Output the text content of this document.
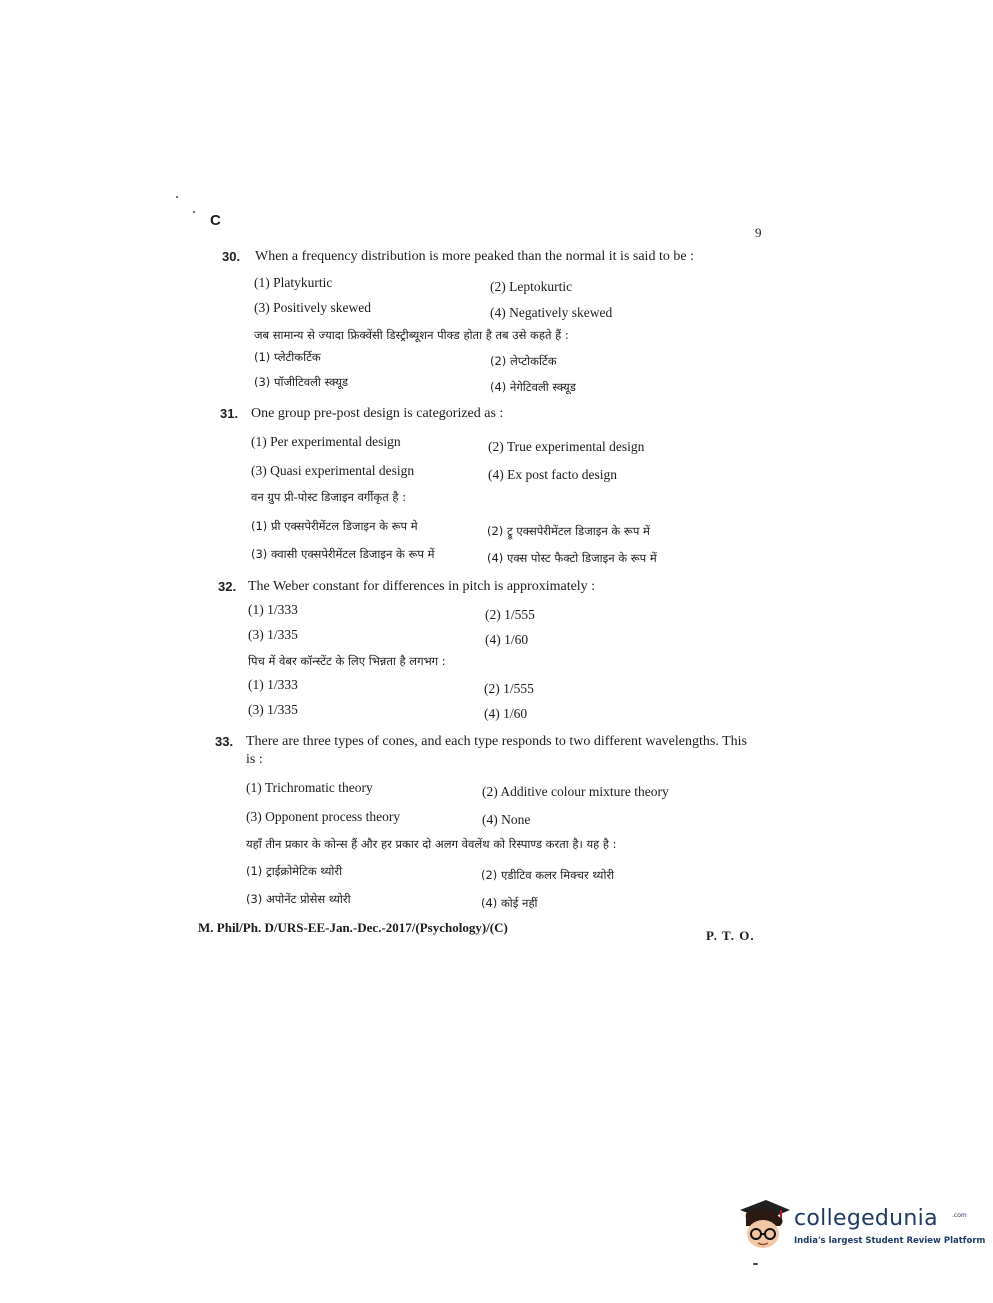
C
9
30. When a frequency distribution is more peaked than the normal it is said to be :
(1) Platykurtic	(2) Leptokurtic
(3) Positively skewed	(4) Negatively skewed
जब सामान्य से ज्यादा फ्रिक्वेंसी डिस्ट्रीब्यूशन पीक्ड होता है तब उसे कहते हैं :
(1) प्लेटीकर्टिक	(2) लेप्टोकर्टिक
(3) पॉजीटिवली स्क्यूड	(4) नेगेटिवली स्क्यूड
31. One group pre-post design is categorized as :
(1) Per experimental design	(2) True experimental design
(3) Quasi experimental design	(4) Ex post facto design
वन ग्रुप प्री-पोस्ट डिजाइन वर्गीकृत है :
(1) प्री एक्सपेरीमेंटल डिजाइन के रूप मे	(2) ट्रू एक्सपेरीमेंटल डिजाइन के रूप में
(3) क्वासी एक्सपेरीमेंटल डिजाइन के रूप में	(4) एक्स पोस्ट फैक्टो डिजाइन के रूप में
32. The Weber constant for differences in pitch is approximately :
(1) 1/333	(2) 1/555
(3) 1/335	(4) 1/60
पिच में वेबर कॉन्स्टेंट के लिए भिन्नता है लगभग :
(1) 1/333	(2) 1/555
(3) 1/335	(4) 1/60
33. There are three types of cones, and each type responds to two different wavelengths. This is :
(1) Trichromatic theory	(2) Additive colour mixture theory
(3) Opponent process theory	(4) None
यहाँ तीन प्रकार के कोन्स हैं और हर प्रकार दो अलग वेवलेंथ को रिस्पाण्ड करता है। यह है :
(1) ट्राईक्रोमेटिक थ्योरी	(2) एडीटिव कलर मिक्चर थ्योरी
(3) अपोनेंट प्रोसेस थ्योरी	(4) कोई नहीं
M. Phil/Ph. D/URS-EE-Jan.-Dec.-2017/(Psychology)/(C)
P. T. O.
collegedunia .com
India's largest Student Review Platform
